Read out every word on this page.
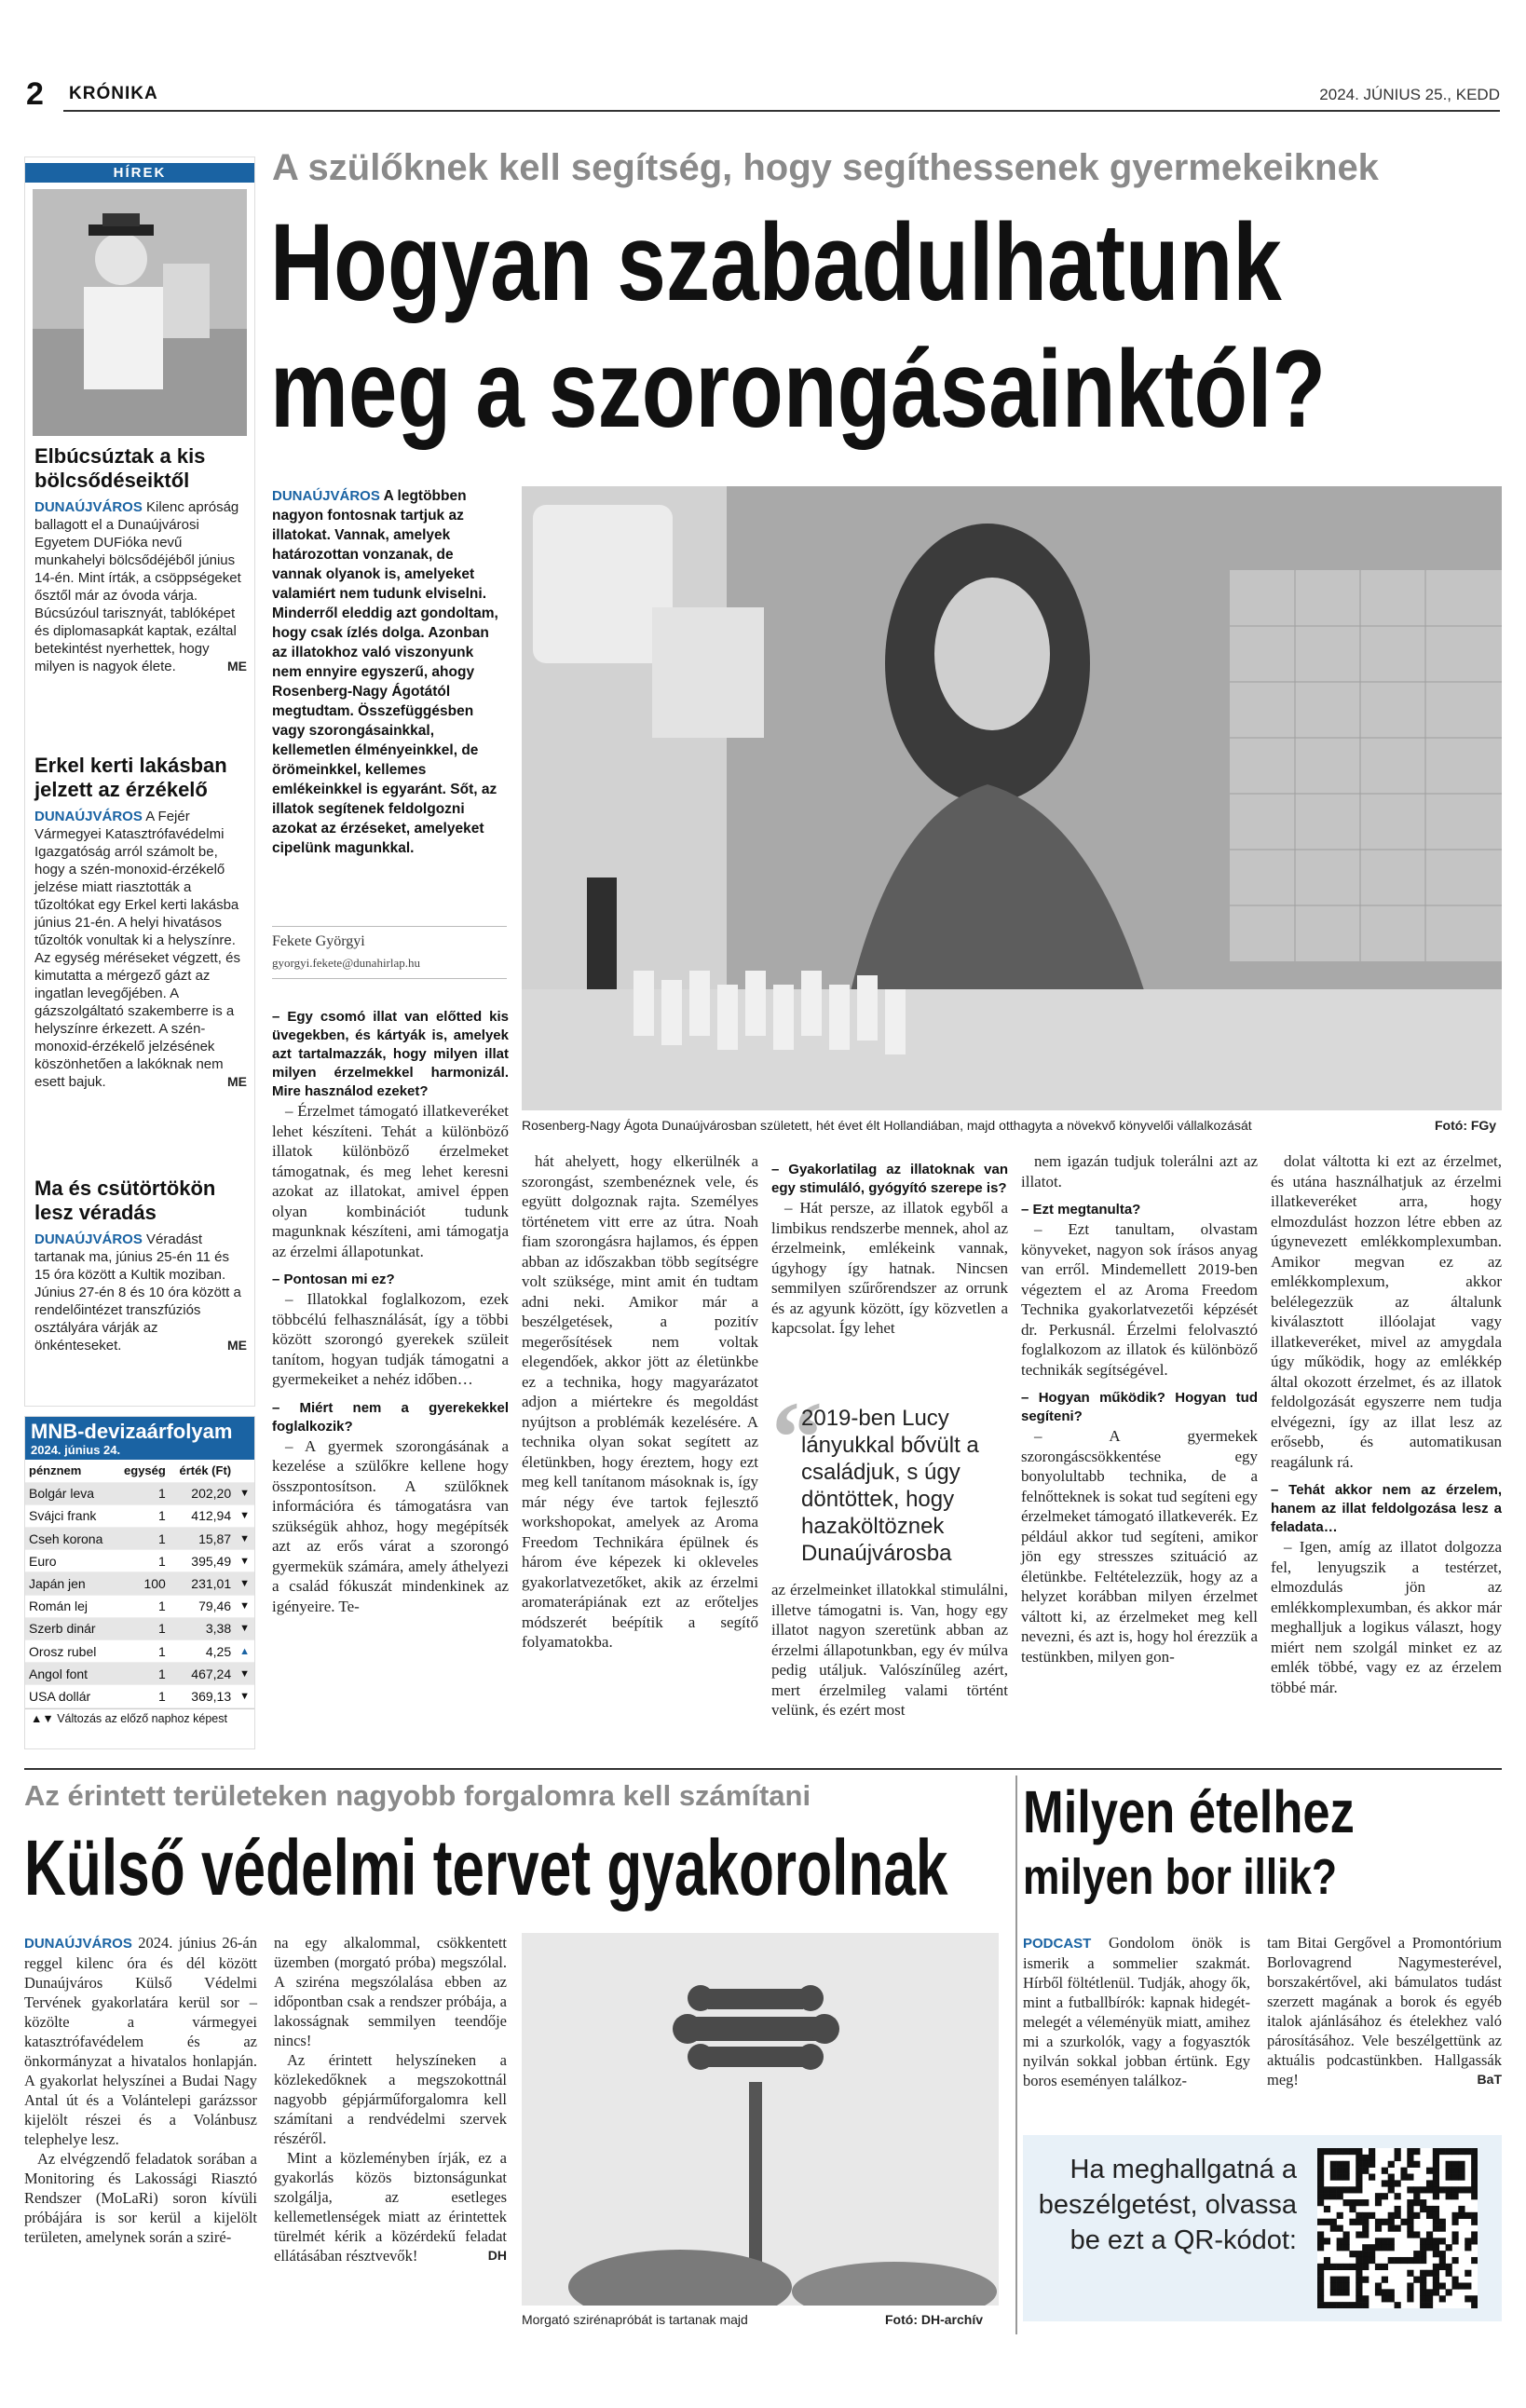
2 KRÓNIKA	2024. JÚNIUS 25., KEDD
HÍREK
Elbúcsúztak a kis bölcsődéseiktől
DUNAÚJVÁROS Kilenc apróság ballagott el a Dunaújvárosi Egyetem DUFióka nevű munkahelyi bölcsődéjéből június 14-én. Mint írták, a csöppségeket ősztől már az óvoda várja. Búcsúzóul tarisznyát, tablóképet és diplomasapkát kaptak, ezáltal betekintést nyerhettek, hogy milyen is nagyok élete.	ME
Erkel kerti lakásban jelzett az érzékelő
DUNAÚJVÁROS A Fejér Vármegyei Katasztrófavédelmi Igazgatóság arról számolt be, hogy a szén-monoxid-érzékelő jelzése miatt riasztották a tűzoltókat egy Erkel kerti lakásba június 21-én. A helyi hivatásos tűzoltók vonultak ki a helyszínre. Az egység méréseket végzett, és kimutatta a mérgező gázt az ingatlan levegőjében. A gázszolgáltató szakemberre is a helyszínre érkezett. A szén-monoxid-érzékelő jelzésének köszönhetően a lakóknak nem esett bajuk.	ME
Ma és csütörtökön lesz véradás
DUNAÚJVÁROS Véradást tartanak ma, június 25-én 11 és 15 óra között a Kultik moziban. Június 27-én 8 és 10 óra között a rendelőintézet transzfúziós osztályára várják az önkénteseket.	ME
MNB-devizaárfolyam
2024. június 24.
pénznem	egység	érték (Ft)	
Bolgár leva	1	202,20	▼
Svájci frank	1	412,94	▼
Cseh korona	1	15,87	▼
Euro	1	395,49	▼
Japán jen	100	231,01	▼
Román lej	1	79,46	▼
Szerb dinár	1	3,38	▼
Orosz rubel	1	4,25	▲
Angol font	1	467,24	▼
USA dollár	1	369,13	▼
▲▼ Változás az előző naphoz képest
A szülőknek kell segítség, hogy segíthessenek gyermekeiknek
Hogyan szabadulhatunk
meg a szorongásainktól?
DUNAÚJVÁROS A legtöbben nagyon fontosnak tartjuk az illatokat. Vannak, amelyek határozottan vonzanak, de vannak olyanok is, amelyeket valamiért nem tudunk elviselni. Minderről eleddig azt gondoltam, hogy csak ízlés dolga. Azonban az illatokhoz való viszonyunk nem ennyire egyszerű, ahogy Rosenberg-Nagy Ágotától megtudtam. Összefüggésben vagy szorongásainkkal, kellemetlen élményeinkkel, de örömeinkkel, kellemes emlékeinkkel is egyaránt. Sőt, az illatok segítenek feldolgozni azokat az érzéseket, amelyeket cipelünk magunkkal.
Fekete Györgyi
gyorgyi.fekete@dunahirlap.hu
Rosenberg-Nagy Ágota Dunaújvárosban született, hét évet élt Hollandiában, majd otthagyta a növekvő könyvelői vállalkozását	Fotó: FGy

– Egy csomó illat van előtted kis üvegekben, és kártyák is, amelyek azt tartalmazzák, hogy milyen illat milyen érzelmekkel harmonizál. Mire használod ezeket?

– Érzelmet támogató illatkeveréket lehet készíteni. Tehát a különböző illatok különböző érzelmeket támogatnak, és meg lehet keresni azokat az illatokat, amivel éppen olyan kombinációt tudunk magunknak készíteni, ami támogatja az érzelmi állapotunkat.

– Pontosan mi ez?

– Illatokkal foglalkozom, ezek többcélú felhasználását, így a többi között szorongó gyerekek szüleit tanítom, hogyan tudják támogatni a gyermekeiket a nehéz időben…

– Miért nem a gyerekekkel foglalkozik?

– A gyermek szorongásának a kezelése a szülőkre kellene hogy összpontosítson. A szülőknek információra és támogatásra van szükségük ahhoz, hogy megépítsék azt az erős várat a szorongó gyermekük számára, amely áthelyezi a család fókuszát mindenkinek az igényeire. Te-

hát ahelyett, hogy elkerülnék a szorongást, szembenéznek vele, és együtt dolgoznak rajta. Személyes történetem vitt erre az útra. Noah fiam szorongásra hajlamos, és éppen abban az időszakban több segítségre volt szüksége, mint amit én tudtam adni neki. Amikor már a beszélgetések, a pozitív megerősítések nem voltak elegendőek, akkor jött az életünkbe ez a technika, hogy magyarázatot adjon a miértekre és megoldást nyújtson a problémák kezelésére. A technika olyan sokat segített az életünkben, hogy éreztem, hogy ezt meg kell tanítanom másoknak is, így már négy éve tartok fejlesztő workshopokat, amelyek az Aroma Freedom Technikára épülnek és három éve képezek ki okleveles gyakorlatvezetőket, akik az érzelmi aromaterápiának ezt az erőteljes módszerét beépítik a segítő folyamatokba.

– Gyakorlatilag az illatoknak van egy stimuláló, gyógyító szerepe is?

– Hát persze, az illatok egyből a limbikus rendszerbe mennek, ahol az érzelmeink, emlékeink vannak, úgyhogy így hatnak. Nincsen semmilyen szűrőrendszer az orrunk és az agyunk között, így közvetlen a kapcsolat. Így lehet

“
2019-ben Lucy lányukkal bővült a családjuk, s úgy döntöttek, hogy hazaköltöznek Dunaújvárosba

az érzelmeinket illatokkal stimulálni, illetve támogatni is. Van, hogy egy illatot nagyon szeretünk abban az érzelmi állapotunkban, egy év múlva pedig utáljuk. Valószínűleg azért, mert érzelmileg valami történt velünk, és ezért most

nem igazán tudjuk tolerálni azt az illatot.

– Ezt megtanulta?

– Ezt tanultam, olvastam könyveket, nagyon sok írásos anyag van erről. Mindemellett 2019-ben végeztem el az Aroma Freedom Technika gyakorlatvezetői képzését dr. Perkusnál. Érzelmi felolvasztó foglalkozom az illatok és különböző technikák segítségével.

– Hogyan működik? Hogyan tud segíteni?

– A gyermekek szorongáscsökkentése egy bonyolultabb technika, de a felnőtteknek is sokat tud segíteni egy érzelmeket támogató illatkeverék. Ez például akkor tud segíteni, amikor jön egy stresszes szituáció az életünkbe. Feltételezzük, hogy az a helyzet korábban milyen érzelmet váltott ki, az érzelmeket meg kell nevezni, és azt is, hogy hol érezzük a testünkben, milyen gon-

dolat váltotta ki ezt az érzelmet, és utána használhatjuk az érzelmi illatkeveréket arra, hogy elmozdulást hozzon létre ebben az úgynevezett emlékkomplexumban. Amikor megvan ez az emlékkomplexum, akkor belélegezzük az általunk kiválasztott illóolajat vagy illatkeveréket, mivel az amygdala úgy működik, hogy az emlékkép által okozott érzelmet, és az illatok feldolgozását egyszerre nem tudja elvégezni, így az illat lesz az erősebb, és automatikusan reagálunk rá.

– Tehát akkor nem az érzelem, hanem az illat feldolgozása lesz a feladata…

– Igen, amíg az illatot dolgozza fel, lenyugszik a testérzet, elmozdulás jön az emlékkomplexumban, és akkor már meghalljuk a logikus választ, hogy miért nem szolgál minket ez az emlék többé, vagy ez az érzelem többé már.

Az érintett területeken nagyobb forgalomra kell számítani
Külső védelmi tervet gyakorolnak

DUNAÚJVÁROS 2024. június 26-án reggel kilenc óra és dél között Dunaújváros Külső Védelmi Tervének gyakorlatára kerül sor – közölte a vármegyei katasztrófavédelem és az önkormányzat a hivatalos honlapján. A gyakorlat helyszínei a Budai Nagy Antal út és a Volántelepi garázssor kijelölt részei és a Volánbusz telephelye lesz.

Az elvégzendő feladatok sorában a Monitoring és Lakossági Riasztó Rendszer (MoLaRi) soron kívüli próbájára is sor kerül a kijelölt területen, amelynek során a sziré-

na egy alkalommal, csökkentett üzemben (morgató próba) megszólal. A sziréna megszólalása ebben az időpontban csak a rendszer próbája, a lakosságnak semmilyen teendője nincs!

Az érintett helyszíneken a közlekedőknek a megszokottnál nagyobb gépjárműforgalomra kell számítani a rendvédelmi szervek részéről.

Mint a közleményben írják, ez a gyakorlás közös biztonságunkat szolgálja, az esetleges kellemetlenségek miatt az érintettek türelmét kérik a közérdekű feladat ellátásában résztvevők!	DH

Morgató szirénapróbát is tartanak majd	Fotó: DH-archív
Milyen ételhez
milyen bor illik?
PODCAST Gondolom önök is ismerik a sommelier szakmát. Hírből föltétlenül. Tudják, ahogy ők, mint a futballbírók: kapnak hidegét-melegét a véleményük miatt, amihez mi a szurkolók, vagy a fogyasztók nyilván sokkal jobban értünk. Egy boros eseményen találkoz-
tam Bitai Gergővel a Promontórium Borlovagrend Nagymesterével, borszakértővel, aki bámulatos tudást szerzett magának a borok és egyéb italok ajánlásához és ételekhez való párosításához. Vele beszélgettünk az aktuális podcastünkben. Hallgassák meg!	BaT
Ha meghallgatná a beszélgetést, olvassa be ezt a QR-kódot:
